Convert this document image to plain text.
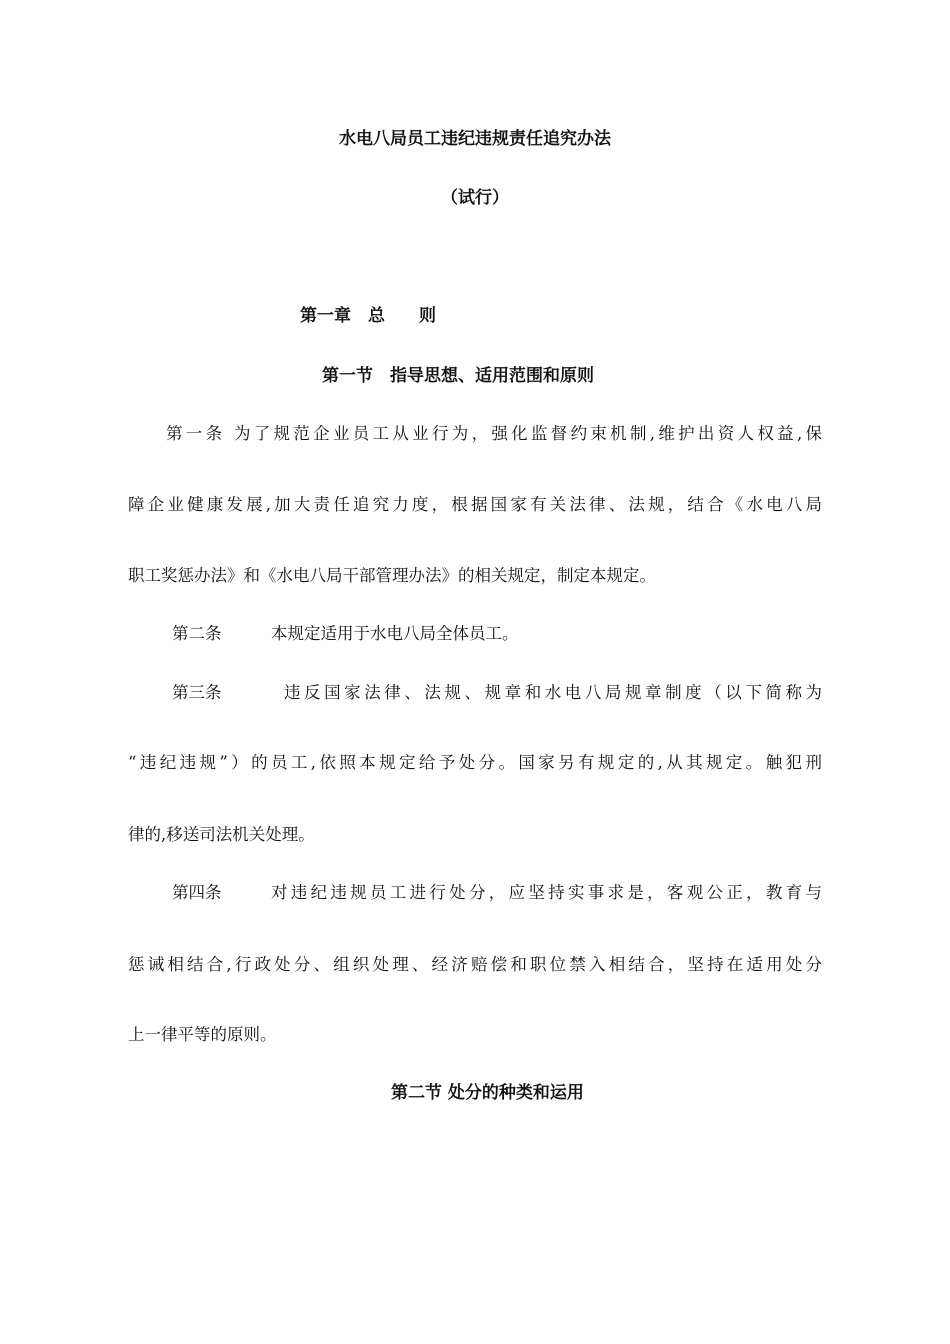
水电八局员工违纪违规责任追究办法
（试行）
第一章　总　　则
第一节　指导思想、适用范围和原则
第一条 为了规范企业员工从业行为，强化监督约束机制,维护出资人权益,保
障企业健康发展,加大责任追究力度，根据国家有关法律、法规，结合《水电八局
职工奖惩办法》和《水电八局干部管理办法》的相关规定，制定本规定。
第二条	本规定适用于水电八局全体员工。
第三条	违反国家法律、法规、规章和水电八局规章制度（以下简称为
“违纪违规”）的员工,依照本规定给予处分。国家另有规定的,从其规定。触犯刑
律的,移送司法机关处理。
第四条	对违纪违规员工进行处分，应坚持实事求是，客观公正，教育与
惩诫相结合,行政处分、组织处理、经济赔偿和职位禁入相结合，坚持在适用处分
上一律平等的原则。
第二节 处分的种类和运用
